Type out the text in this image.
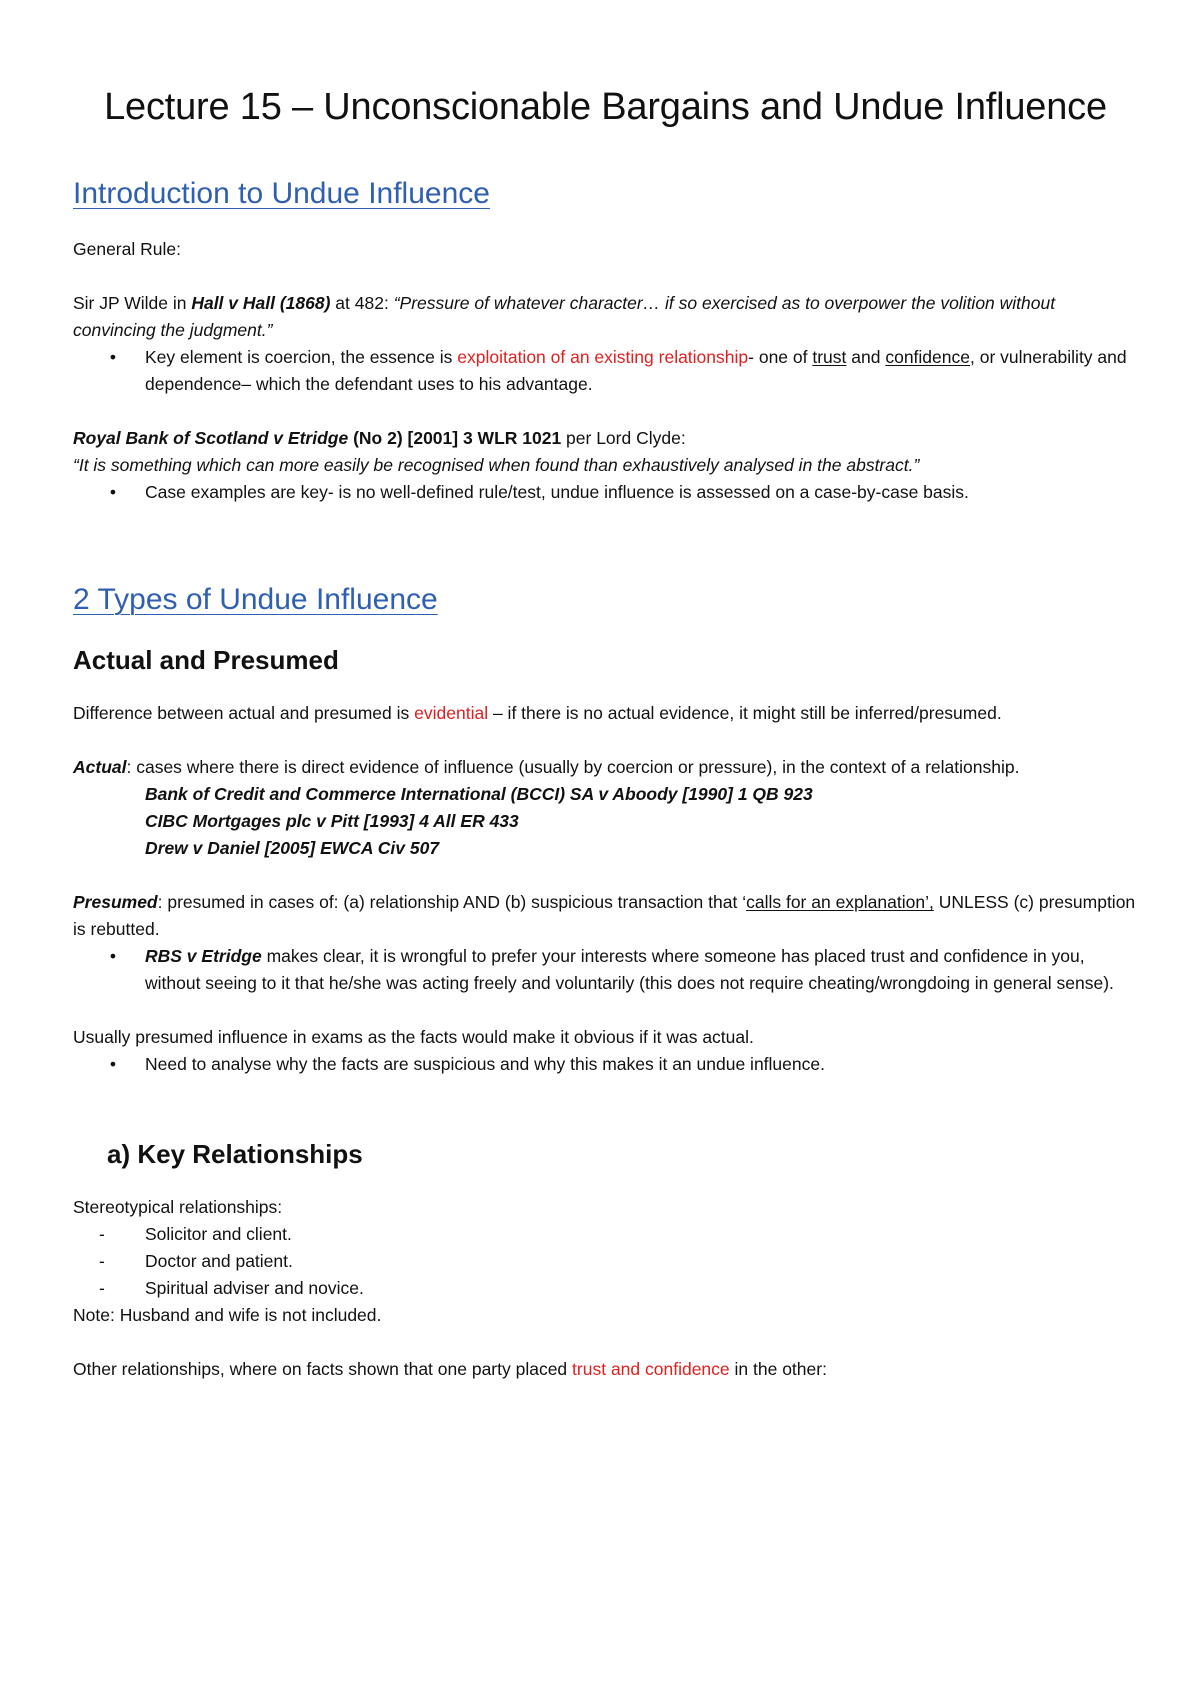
Lecture 15 – Unconscionable Bargains and Undue Influence
Introduction to Undue Influence

General Rule:

Sir JP Wilde in Hall v Hall (1868) at 482: “Pressure of whatever character… if so exercised as to overpower the volition without convincing the judgment.”

•	Key element is coercion, the essence is exploitation of an existing relationship- one of trust and confidence, or vulnerability and dependence– which the defendant uses to his advantage.

Royal Bank of Scotland v Etridge (No 2) [2001] 3 WLR 1021 per Lord Clyde:

“It is something which can more easily be recognised when found than exhaustively analysed in the abstract.”

•	Case examples are key- is no well-defined rule/test, undue influence is assessed on a case-by-case basis.
2 Types of Undue Influence
Actual and Presumed

Difference between actual and presumed is evidential – if there is no actual evidence, it might still be inferred/presumed.

Actual: cases where there is direct evidence of influence (usually by coercion or pressure), in the context of a relationship.

Bank of Credit and Commerce International (BCCI) SA v Aboody [1990] 1 QB 923

CIBC Mortgages plc v Pitt [1993] 4 All ER 433

Drew v Daniel [2005] EWCA Civ 507

Presumed: presumed in cases of: (a) relationship AND (b) suspicious transaction that ‘calls for an explanation’, UNLESS (c) presumption is rebutted.

•	RBS v Etridge makes clear, it is wrongful to prefer your interests where someone has placed trust and confidence in you, without seeing to it that he/she was acting freely and voluntarily (this does not require cheating/wrongdoing in general sense).

Usually presumed influence in exams as the facts would make it obvious if it was actual.

•	Need to analyse why the facts are suspicious and why this makes it an undue influence.
a) Key Relationships

Stereotypical relationships:

- Solicitor and client.
- Doctor and patient.
- Spiritual adviser and novice.

Note: Husband and wife is not included.

Other relationships, where on facts shown that one party placed trust and confidence in the other:
